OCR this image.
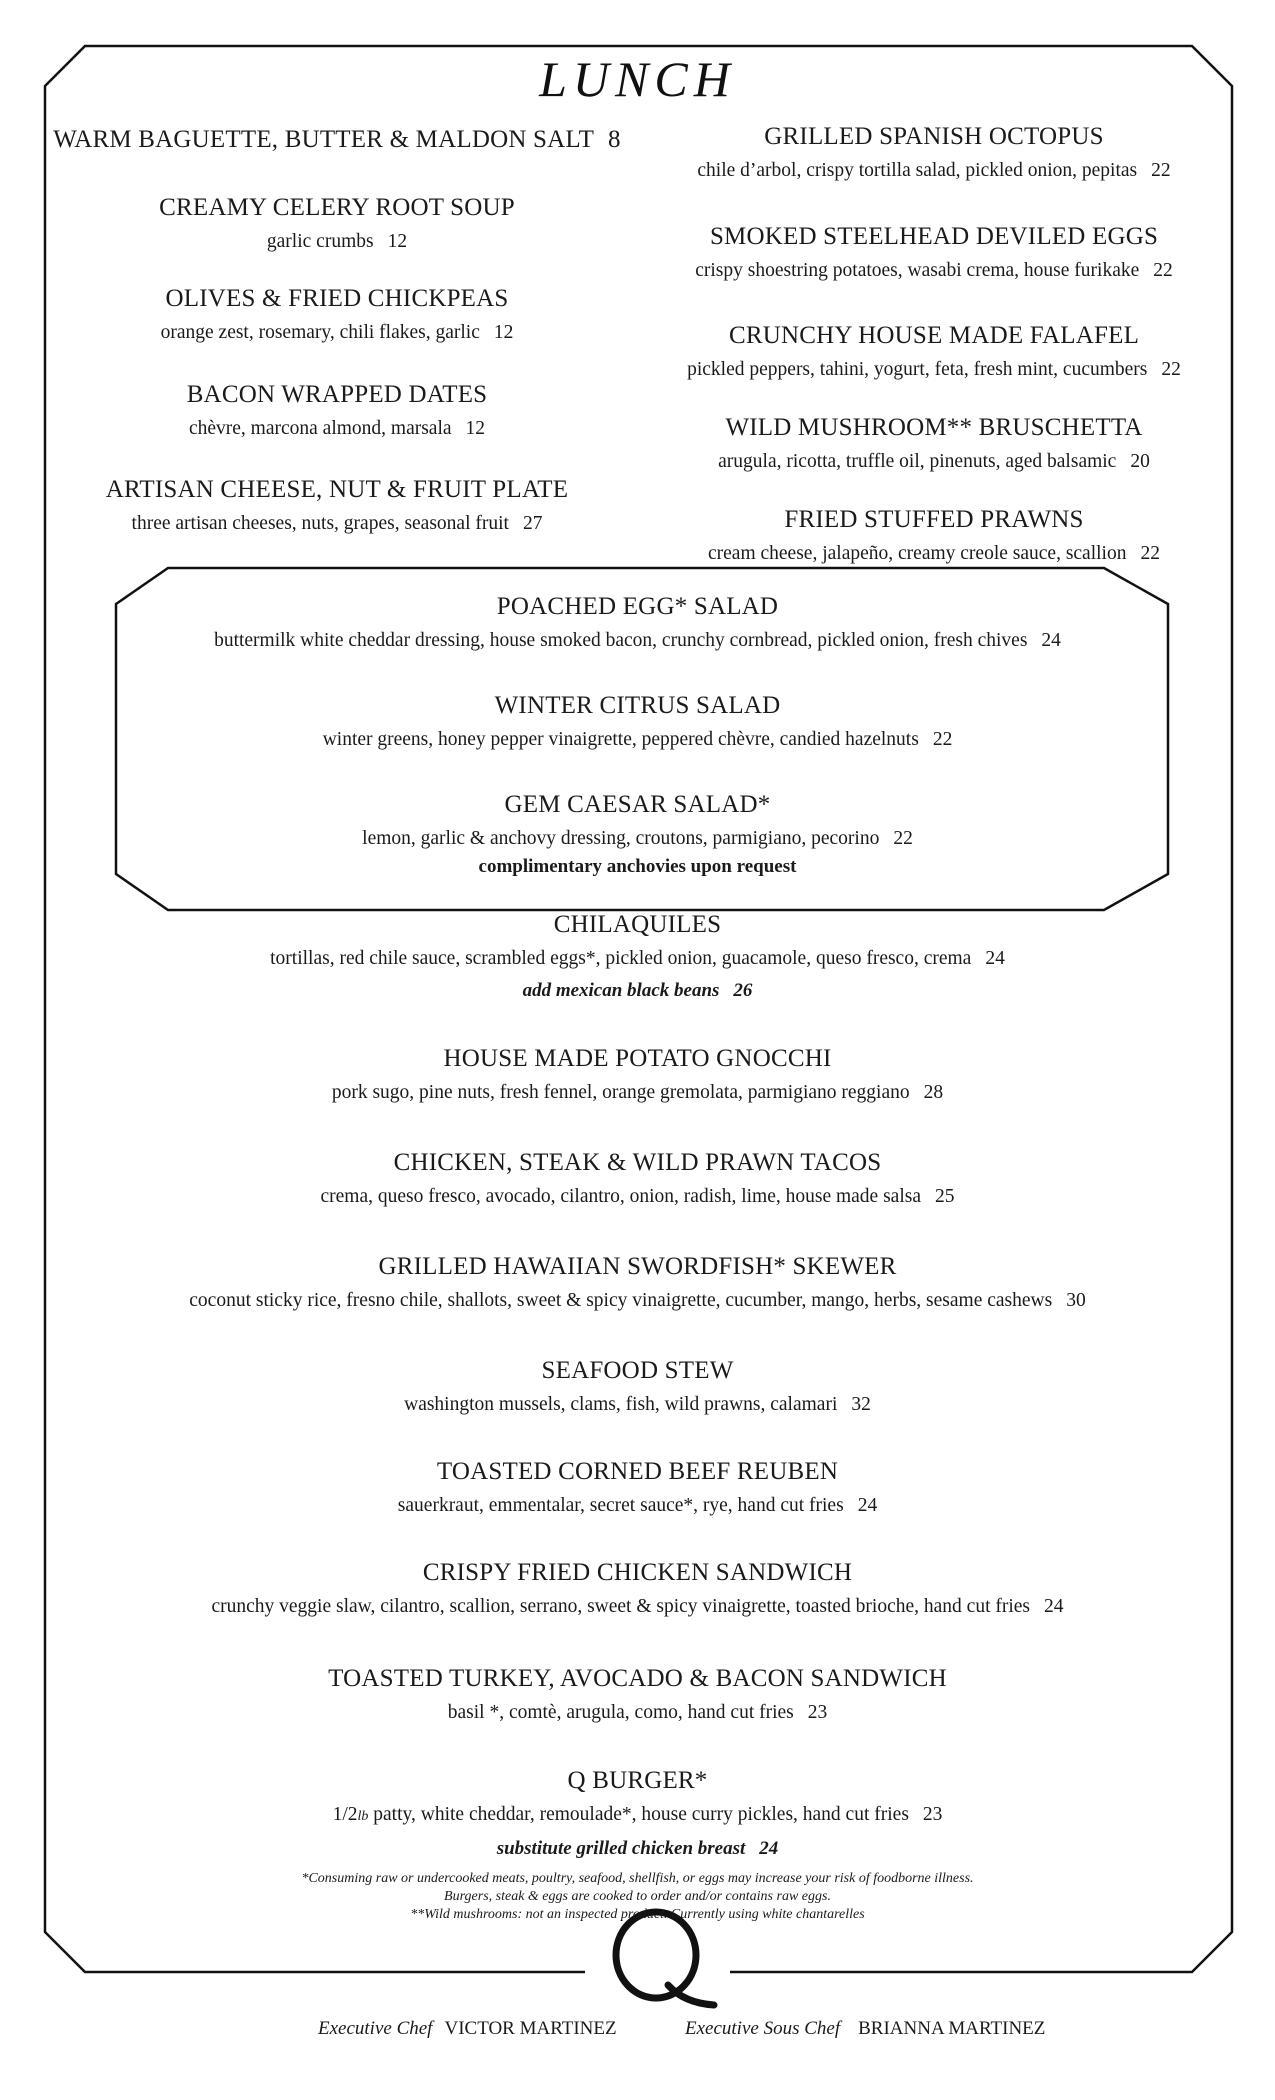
LUNCH
WARM BAGUETTE, BUTTER & MALDON SALT 8
CREAMY CELERY ROOT SOUP
garlic crumbs 12
OLIVES & FRIED CHICKPEAS
orange zest, rosemary, chili flakes, garlic 12
BACON WRAPPED DATES
chèvre, marcona almond, marsala 12
ARTISAN CHEESE, NUT & FRUIT PLATE
three artisan cheeses, nuts, grapes, seasonal fruit 27
GRILLED SPANISH OCTOPUS
chile d’arbol, crispy tortilla salad, pickled onion, pepitas 22
SMOKED STEELHEAD DEVILED EGGS
crispy shoestring potatoes, wasabi crema, house furikake 22
CRUNCHY HOUSE MADE FALAFEL
pickled peppers, tahini, yogurt, feta, fresh mint, cucumbers 22
WILD MUSHROOM** BRUSCHETTA
arugula, ricotta, truffle oil, pinenuts, aged balsamic 20
FRIED STUFFED PRAWNS
cream cheese, jalapeño, creamy creole sauce, scallion 22
POACHED EGG* SALAD
buttermilk white cheddar dressing, house smoked bacon, crunchy cornbread, pickled onion, fresh chives 24
WINTER CITRUS SALAD
winter greens, honey pepper vinaigrette, peppered chèvre, candied hazelnuts 22
GEM CAESAR SALAD*
lemon, garlic & anchovy dressing, croutons, parmigiano, pecorino 22
complimentary anchovies upon request
CHILAQUILES
tortillas, red chile sauce, scrambled eggs*, pickled onion, guacamole, queso fresco, crema 24
add mexican black beans 26
HOUSE MADE POTATO GNOCCHI
pork sugo, pine nuts, fresh fennel, orange gremolata, parmigiano reggiano 28
CHICKEN, STEAK & WILD PRAWN TACOS
crema, queso fresco, avocado, cilantro, onion, radish, lime, house made salsa 25
GRILLED HAWAIIAN SWORDFISH* SKEWER
coconut sticky rice, fresno chile, shallots, sweet & spicy vinaigrette, cucumber, mango, herbs, sesame cashews 30
SEAFOOD STEW
washington mussels, clams, fish, wild prawns, calamari 32
TOASTED CORNED BEEF REUBEN
sauerkraut, emmentalar, secret sauce*, rye, hand cut fries 24
CRISPY FRIED CHICKEN SANDWICH
crunchy veggie slaw, cilantro, scallion, serrano, sweet & spicy vinaigrette, toasted brioche, hand cut fries 24
TOASTED TURKEY, AVOCADO & BACON SANDWICH
basil *, comtè, arugula, como, hand cut fries 23
Q BURGER*
1/2lb patty, white cheddar, remoulade*, house curry pickles, hand cut fries 23
substitute grilled chicken breast 24
*Consuming raw or undercooked meats, poultry, seafood, shellfish, or eggs may increase your risk of foodborne illness.
Burgers, steak & eggs are cooked to order and/or contains raw eggs.
**Wild mushrooms: not an inspected product. Currently using white chantarelles
Executive Chef VICTOR MARTINEZ	Executive Sous Chef BRIANNA MARTINEZ
